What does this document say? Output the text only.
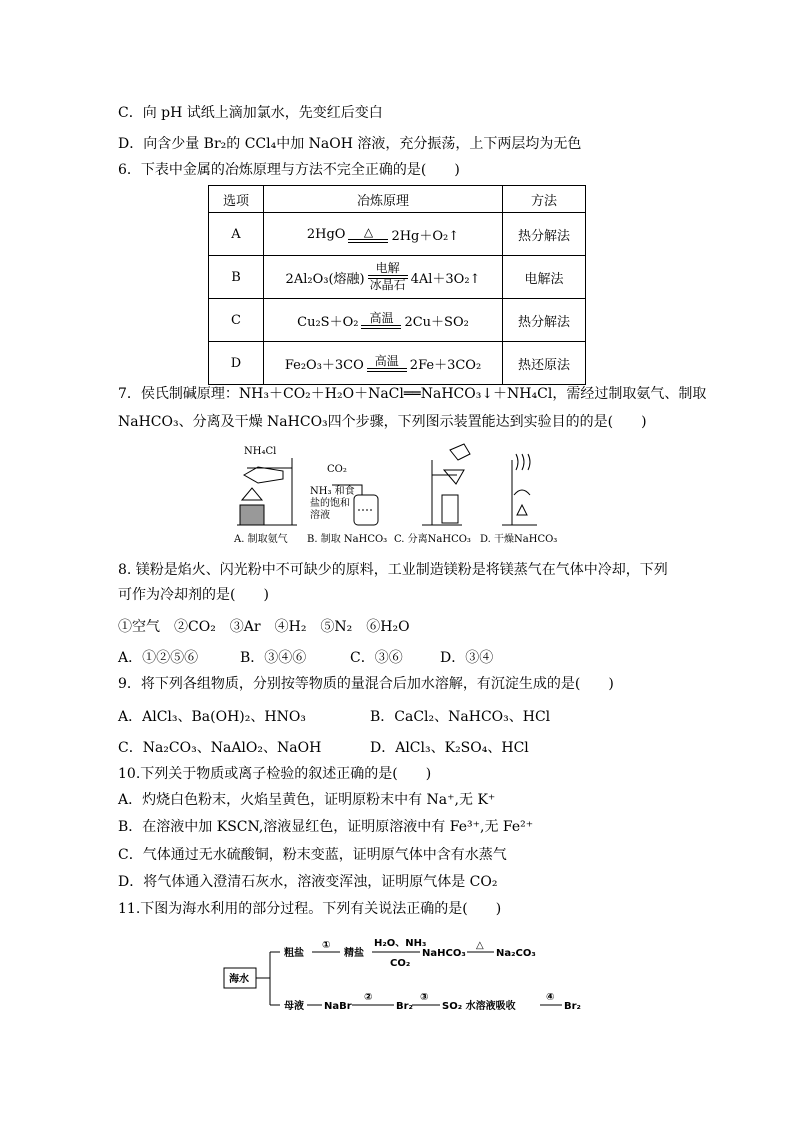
C．向 pH 试纸上滴加氯水，先变红后变白
D．向含少量 Br₂的 CCl₄中加 NaOH 溶液，充分振荡，上下两层均为无色
6．下表中金属的冶炼原理与方法不完全正确的是(　　)
选项	冶炼原理	方法
A	2HgO △ 2Hg＋O₂↑	热分解法
B	2Al₂O₃(熔融)
电解
冰晶石 4Al＋3O₂↑	电解法
C	Cu₂S＋O₂ 高温 2Cu＋SO₂	热分解法
D	Fe₂O₃＋3CO 高温 2Fe＋3CO₂	热还原法
7．侯氏制碱原理：NH₃＋CO₂＋H₂O＋NaCl══NaHCO₃↓＋NH₄Cl，需经过制取氨气、制取
NaHCO₃、分离及干燥 NaHCO₃四个步骤，下列图示装置能达到实验目的的是(　　)
NH₄Cl
CO₂
NH₃ 和食
盐的饱和
溶液
A. 制取氨气 B. 制取 NaHCO₃ C. 分离NaHCO₃ D. 干燥NaHCO₃
8. 镁粉是焰火、闪光粉中不可缺少的原料，工业制造镁粉是将镁蒸气在气体中冷却，下列
可作为冷却剂的是(　　)
①空气　②CO₂　③Ar　④H₂　⑤N₂　⑥H₂O
A．①②⑤⑥	B．③④⑥	C．③⑥	D．③④
9．将下列各组物质，分别按等物质的量混合后加水溶解，有沉淀生成的是(　　)
A．AlCl₃、Ba(OH)₂、HNO₃	B．CaCl₂、NaHCO₃、HCl
C．Na₂CO₃、NaAlO₂、NaOH	D．AlCl₃、K₂SO₄、HCl
10.下列关于物质或离子检验的叙述正确的是(　　)
A．灼烧白色粉末，火焰呈黄色，证明原粉末中有 Na⁺,无 K⁺
B．在溶液中加 KSCN,溶液显红色，证明原溶液中有 Fe³⁺,无 Fe²⁺
C．气体通过无水硫酸铜，粉末变蓝，证明原气体中含有水蒸气
D．将气体通入澄清石灰水，溶液变浑浊，证明原气体是 CO₂
11.下图为海水利用的部分过程。下列有关说法正确的是(　　)
海水
粗盐
①
精盐
H₂O、NH₃
CO₂
NaHCO₃
△
Na₂CO₃
母液 NaBr
②
Br₂
③
SO₂ 水溶液吸收
④
Br₂
